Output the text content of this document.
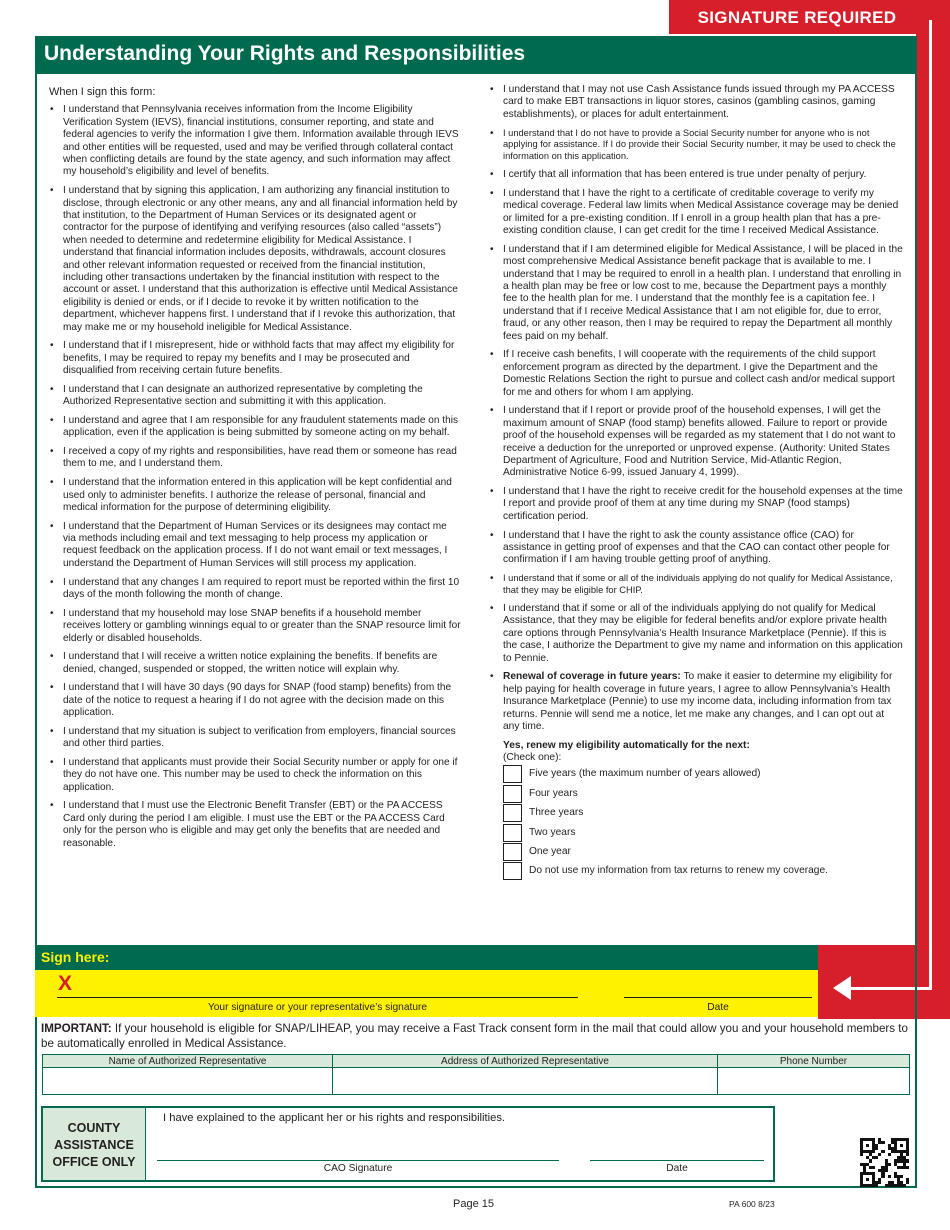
SIGNATURE REQUIRED
Understanding Your Rights and Responsibilities
When I sign this form:
• I understand that Pennsylvania receives information from the Income Eligibility Verification System (IEVS), financial institutions, consumer reporting, and state and federal agencies to verify the information I give them. Information available through IEVS and other entities will be requested, used and may be verified through collateral contact when conflicting details are found by the state agency, and such information may affect my household’s eligibility and level of benefits.
• I understand that by signing this application, I am authorizing any financial institution to disclose, through electronic or any other means, any and all financial information held by that institution, to the Department of Human Services or its designated agent or contractor for the purpose of identifying and verifying resources (also called “assets”) when needed to determine and redetermine eligibility for Medical Assistance. I understand that financial information includes deposits, withdrawals, account closures and other relevant information requested or received from the financial institution, including other transactions undertaken by the financial institution with respect to the account or asset. I understand that this authorization is effective until Medical Assistance eligibility is denied or ends, or if I decide to revoke it by written notification to the department, whichever happens first. I understand that if I revoke this authorization, that may make me or my household ineligible for Medical Assistance.
• I understand that if I misrepresent, hide or withhold facts that may affect my eligibility for benefits, I may be required to repay my benefits and I may be prosecuted and disqualified from receiving certain future benefits.
• I understand that I can designate an authorized representative by completing the Authorized Representative section and submitting it with this application.
• I understand and agree that I am responsible for any fraudulent statements made on this application, even if the application is being submitted by someone acting on my behalf.
• I received a copy of my rights and responsibilities, have read them or someone has read them to me, and I understand them.
• I understand that the information entered in this application will be kept confidential and used only to administer benefits. I authorize the release of personal, financial and medical information for the purpose of determining eligibility.
• I understand that the Department of Human Services or its designees may contact me via methods including email and text messaging to help process my application or request feedback on the application process. If I do not want email or text messages, I understand the Department of Human Services will still process my application.
• I understand that any changes I am required to report must be reported within the first 10 days of the month following the month of change.
• I understand that my household may lose SNAP benefits if a household member receives lottery or gambling winnings equal to or greater than the SNAP resource limit for elderly or disabled households.
• I understand that I will receive a written notice explaining the benefits. If benefits are denied, changed, suspended or stopped, the written notice will explain why.
• I understand that I will have 30 days (90 days for SNAP (food stamp) benefits) from the date of the notice to request a hearing if I do not agree with the decision made on this application.
• I understand that my situation is subject to verification from employers, financial sources and other third parties.
• I understand that applicants must provide their Social Security number or apply for one if they do not have one. This number may be used to check the information on this application.
• I understand that I must use the Electronic Benefit Transfer (EBT) or the PA ACCESS Card only during the period I am eligible. I must use the EBT or the PA ACCESS Card only for the person who is eligible and may get only the benefits that are needed and reasonable.
• I understand that I may not use Cash Assistance funds issued through my PA ACCESS card to make EBT transactions in liquor stores, casinos (gambling casinos, gaming establishments), or places for adult entertainment.
• I understand that I do not have to provide a Social Security number for anyone who is not applying for assistance. If I do provide their Social Security number, it may be used to check the information on this application.
• I certify that all information that has been entered is true under penalty of perjury.
• I understand that I have the right to a certificate of creditable coverage to verify my medical coverage. Federal law limits when Medical Assistance coverage may be denied or limited for a pre-existing condition. If I enroll in a group health plan that has a pre-existing condition clause, I can get credit for the time I received Medical Assistance.
• I understand that if I am determined eligible for Medical Assistance, I will be placed in the most comprehensive Medical Assistance benefit package that is available to me. I understand that I may be required to enroll in a health plan. I understand that enrolling in a health plan may be free or low cost to me, because the Department pays a monthly fee to the health plan for me. I understand that the monthly fee is a capitation fee. I understand that if I receive Medical Assistance that I am not eligible for, due to error, fraud, or any other reason, then I may be required to repay the Department all monthly fees paid on my behalf.
• If I receive cash benefits, I will cooperate with the requirements of the child support enforcement program as directed by the department. I give the Department and the Domestic Relations Section the right to pursue and collect cash and/or medical support for me and others for whom I am applying.
• I understand that if I report or provide proof of the household expenses, I will get the maximum amount of SNAP (food stamp) benefits allowed. Failure to report or provide proof of the household expenses will be regarded as my statement that I do not want to receive a deduction for the unreported or unproved expense. (Authority: United States Department of Agriculture, Food and Nutrition Service, Mid-Atlantic Region, Administrative Notice 6-99, issued January 4, 1999).
• I understand that I have the right to receive credit for the household expenses at the time I report and provide proof of them at any time during my SNAP (food stamps) certification period.
• I understand that I have the right to ask the county assistance office (CAO) for assistance in getting proof of expenses and that the CAO can contact other people for confirmation if I am having trouble getting proof of anything.
• I understand that if some or all of the individuals applying do not qualify for Medical Assistance, that they may be eligible for CHIP.
• I understand that if some or all of the individuals applying do not qualify for Medical Assistance, that they may be eligible for federal benefits and/or explore private health care options through Pennsylvania’s Health Insurance Marketplace (Pennie). If this is the case, I authorize the Department to give my name and information on this application to Pennie.
• Renewal of coverage in future years: To make it easier to determine my eligibility for help paying for health coverage in future years, I agree to allow Pennsylvania’s Health Insurance Marketplace (Pennie) to use my income data, including information from tax returns. Pennie will send me a notice, let me make any changes, and I can opt out at any time.
Yes, renew my eligibility automatically for the next:
(Check one):
Five years (the maximum number of years allowed)
Four years
Three years
Two years
One year
Do not use my information from tax returns to renew my coverage.
Sign here:
X
Your signature or your representative’s signature	Date
IMPORTANT: If your household is eligible for SNAP/LIHEAP, you may receive a Fast Track consent form in the mail that could allow you and your household members to be automatically enrolled in Medical Assistance.
Name of Authorized Representative	Address of Authorized Representative	Phone Number
COUNTY
ASSISTANCE
OFFICE ONLY
I have explained to the applicant her or his rights and responsibilities.
CAO Signature	Date
Page 15	PA 600 8/23
